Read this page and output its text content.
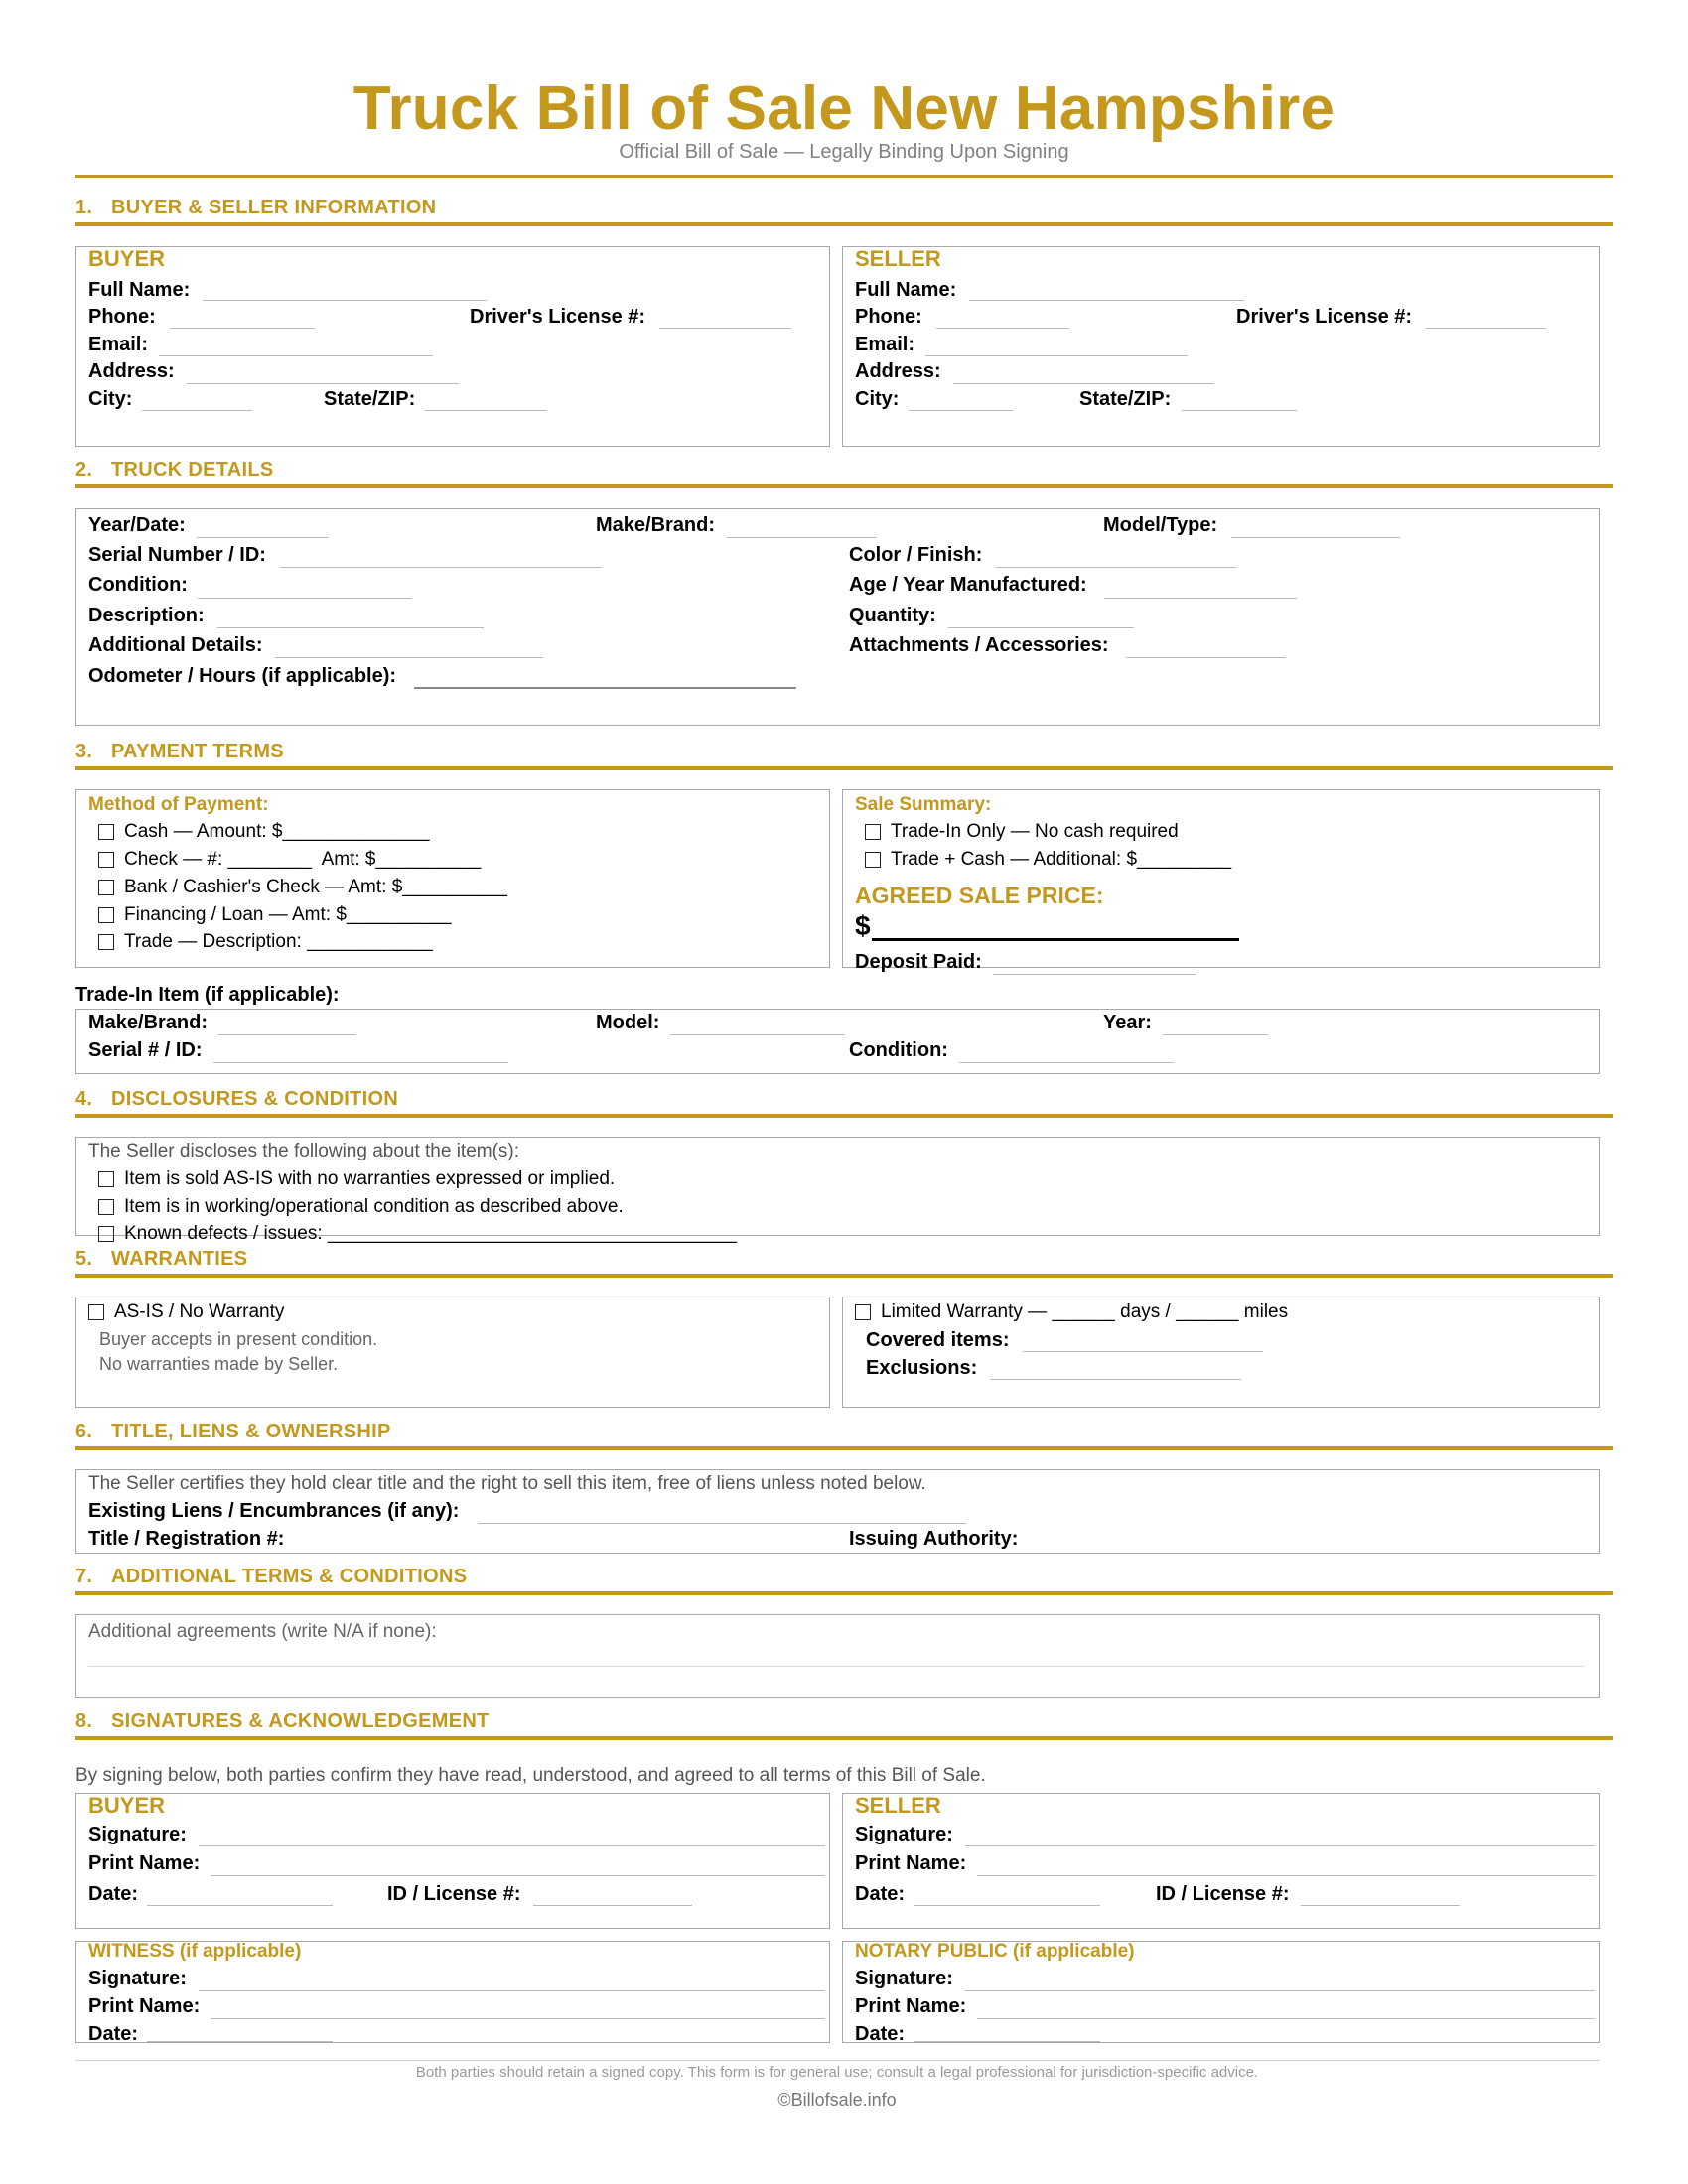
Truck Bill of Sale New Hampshire
Official Bill of Sale — Legally Binding Upon Signing
1. BUYER & SELLER INFORMATION
BUYER
Full Name:
Phone:	Driver's License #:
Email:
Address:
City:	State/ZIP:
SELLER
Full Name:
Phone:	Driver's License #:
Email:
Address:
City:	State/ZIP:
2. TRUCK DETAILS
Year/Date:	Make/Brand:	Model/Type:
Serial Number / ID:	Color / Finish:
Condition:	Age / Year Manufactured:
Description:	Quantity:
Additional Details:	Attachments / Accessories:
Odometer / Hours (if applicable):
3. PAYMENT TERMS
Method of Payment:
Cash — Amount: $______________
Check — #: ________  Amt: $__________
Bank / Cashier's Check — Amt: $__________
Financing / Loan — Amt: $__________
Trade — Description: ____________
Sale Summary:
Trade-In Only — No cash required
Trade + Cash — Additional: $_________
AGREED SALE PRICE:
$
Deposit Paid:
Trade-In Item (if applicable):
Make/Brand:	Model:	Year:
Serial # / ID:	Condition:
4. DISCLOSURES & CONDITION
The Seller discloses the following about the item(s):
Item is sold AS-IS with no warranties expressed or implied.
Item is in working/operational condition as described above.
Known defects / issues: _______________________________________
5. WARRANTIES
AS-IS / No Warranty
Buyer accepts in present condition.
No warranties made by Seller.
Limited Warranty — ______ days / ______ miles
Covered items:
Exclusions:
6. TITLE, LIENS & OWNERSHIP
The Seller certifies they hold clear title and the right to sell this item, free of liens unless noted below.
Existing Liens / Encumbrances (if any):
Title / Registration #:	Issuing Authority:
7. ADDITIONAL TERMS & CONDITIONS
Additional agreements (write N/A if none):
8. SIGNATURES & ACKNOWLEDGEMENT
By signing below, both parties confirm they have read, understood, and agreed to all terms of this Bill of Sale.
BUYER
Signature:
Print Name:
Date:	ID / License #:
SELLER
Signature:
Print Name:
Date:	ID / License #:
WITNESS (if applicable)
Signature:
Print Name:
Date:
NOTARY PUBLIC (if applicable)
Signature:
Print Name:
Date:
Both parties should retain a signed copy. This form is for general use; consult a legal professional for jurisdiction-specific advice.
©Billofsale.info
